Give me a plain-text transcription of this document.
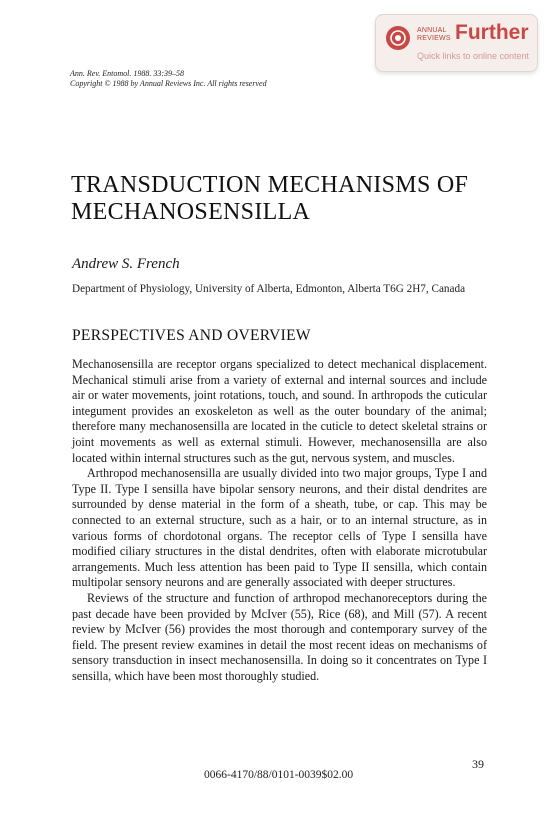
ANNUAL
REVIEWS Further
Quick links to online content
Ann. Rev. Entomol. 1988. 33:39–58
Copyright © 1988 by Annual Reviews Inc. All rights reserved
TRANSDUCTION MECHANISMS OF
MECHANOSENSILLA
Andrew S. French
Department of Physiology, University of Alberta, Edmonton, Alberta T6G 2H7, Canada
PERSPECTIVES AND OVERVIEW

Mechanosensilla are receptor organs specialized to detect mechanical displacement. Mechanical stimuli arise from a variety of external and internal sources and include air or water movements, joint rotations, touch, and sound. In arthropods the cuticular integument provides an exoskeleton as well as the outer boundary of the animal; therefore many mechanosensilla are located in the cuticle to detect skeletal strains or joint movements as well as external stimuli. However, mechanosensilla are also located within internal structures such as the gut, nervous system, and muscles.

Arthropod mechanosensilla are usually divided into two major groups, Type I and Type II. Type I sensilla have bipolar sensory neurons, and their distal dendrites are surrounded by dense material in the form of a sheath, tube, or cap. This may be connected to an external structure, such as a hair, or to an internal structure, as in various forms of chordotonal organs. The receptor cells of Type I sensilla have modified ciliary structures in the distal dendrites, often with elaborate microtubular arrangements. Much less attention has been paid to Type II sensilla, which contain multipolar sensory neurons and are generally associated with deeper structures.

Reviews of the structure and function of arthropod mechanoreceptors during the past decade have been provided by McIver (55), Rice (68), and Mill (57). A recent review by McIver (56) provides the most thorough and contemporary survey of the field. The present review examines in detail the most recent ideas on mechanisms of sensory transduction in insect mechanosensilla. In doing so it concentrates on Type I sensilla, which have been most thoroughly studied.

39
0066-4170/88/0101-0039$02.00
